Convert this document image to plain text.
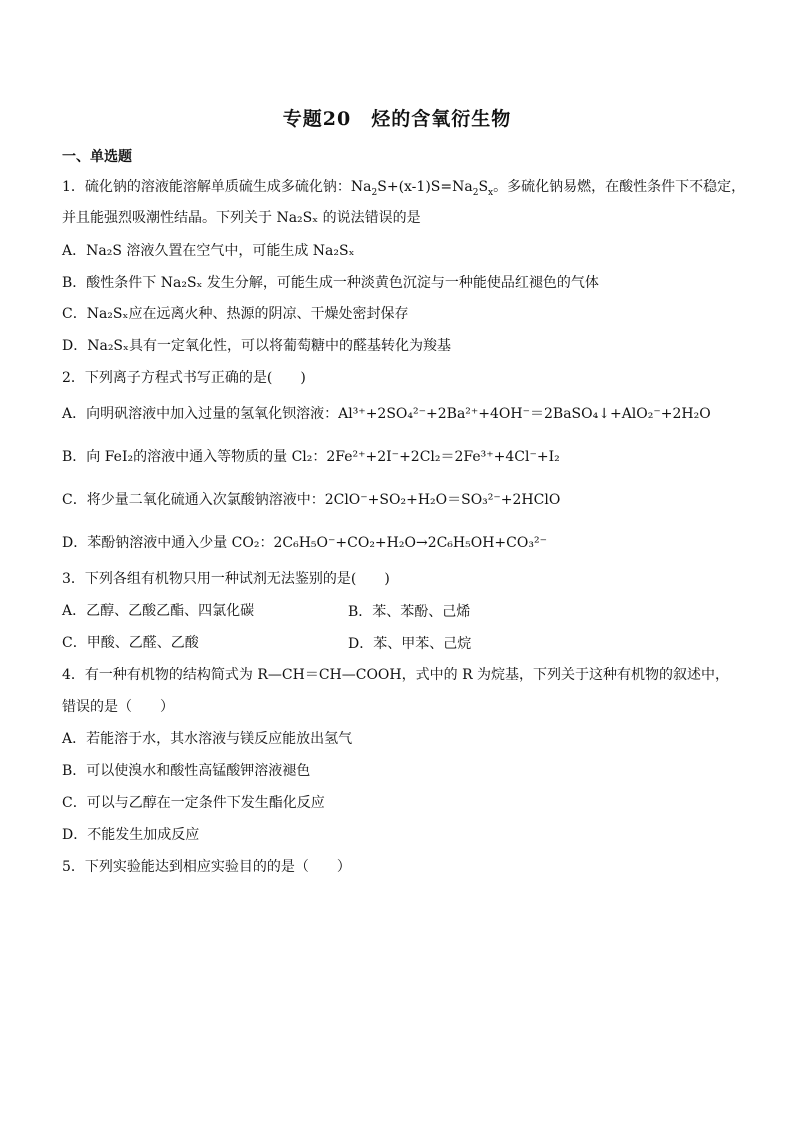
专题20　烃的含氧衍生物
一、单选题
1．硫化钠的溶液能溶解单质硫生成多硫化钠：$Na_2S+(x-1)S=Na_2S_x$。多硫化钠易燃，在酸性条件下不稳定，
并且能强烈吸潮性结晶。下列关于 Na₂Sₓ 的说法错误的是
A．Na₂S 溶液久置在空气中，可能生成 Na₂Sₓ
B．酸性条件下 Na₂Sₓ 发生分解，可能生成一种淡黄色沉淀与一种能使品红褪色的气体
C．Na₂Sₓ应在远离火种、热源的阴凉、干燥处密封保存
D．Na₂Sₓ具有一定氧化性，可以将葡萄糖中的醛基转化为羧基
2．下列离子方程式书写正确的是(　　)
A．向明矾溶液中加入过量的氢氧化钡溶液：Al³⁺+2SO₄²⁻+2Ba²⁺+4OH⁻＝2BaSO₄↓+AlO₂⁻+2H₂O
B．向 FeI₂的溶液中通入等物质的量 Cl₂：2Fe²⁺+2I⁻+2Cl₂＝2Fe³⁺+4Cl⁻+I₂
C．将少量二氧化硫通入次氯酸钠溶液中：2ClO⁻+SO₂+H₂O＝SO₃²⁻+2HClO
D．苯酚钠溶液中通入少量 CO₂：2C₆H₅O⁻+CO₂+H₂O→2C₆H₅OH+CO₃²⁻
3．下列各组有机物只用一种试剂无法鉴别的是(　　)
A．乙醇、乙酸乙酯、四氯化碳	B．苯、苯酚、己烯
C．甲酸、乙醛、乙酸	D．苯、甲苯、己烷
4．有一种有机物的结构简式为 R—CH＝CH—COOH，式中的 R 为烷基，下列关于这种有机物的叙述中，
错误的是（　　）
A．若能溶于水，其水溶液与镁反应能放出氢气
B．可以使溴水和酸性高锰酸钾溶液褪色
C．可以与乙醇在一定条件下发生酯化反应
D．不能发生加成反应
5．下列实验能达到相应实验目的的是（　　）
